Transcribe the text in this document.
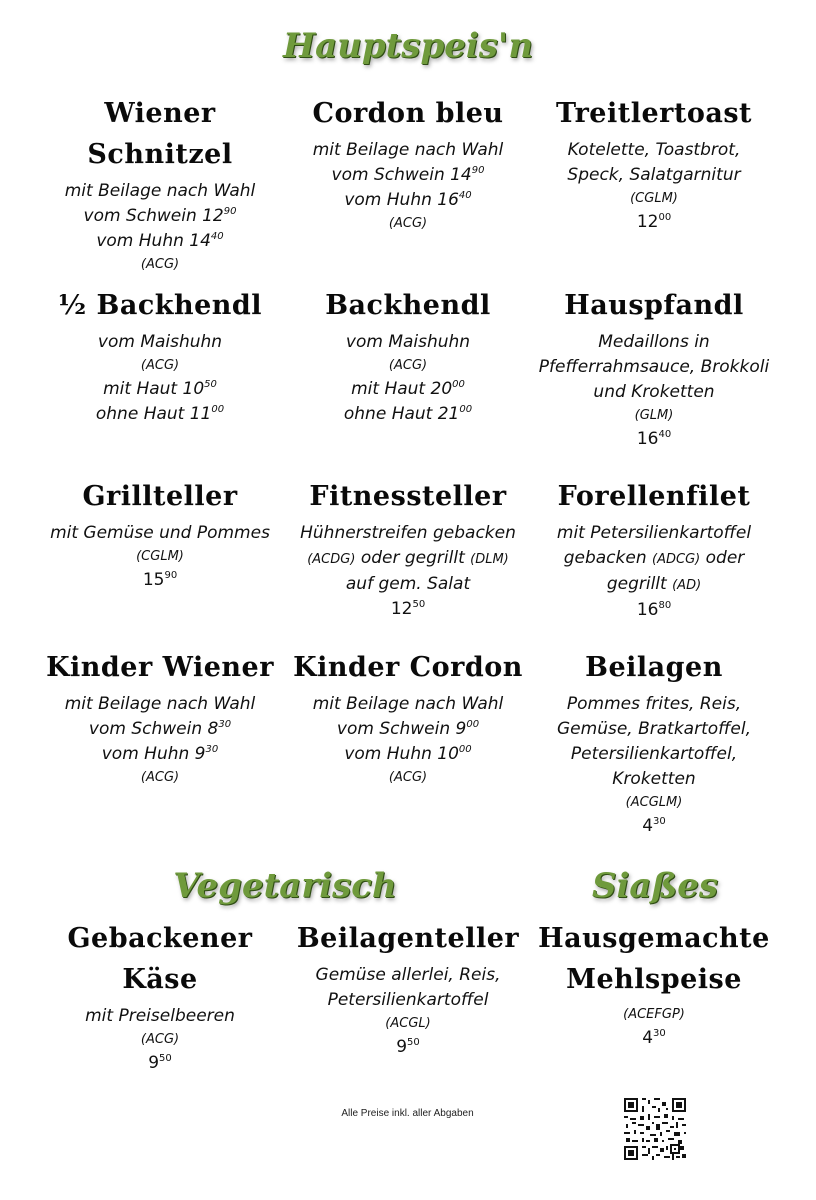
Hauptspeis'n
Wiener Schnitzel
mit Beilage nach Wahl
vom Schwein $12^{90}$
vom Huhn $14^{40}$
(ACG)
Cordon bleu
mit Beilage nach Wahl
vom Schwein $14^{90}$
vom Huhn $16^{40}$
(ACG)
Treitlertoast
Kotelette, Toastbrot,
Speck, Salatgarnitur
(CGLM)
$12^{00}$
½ Backhendl
vom Maishuhn
(ACG)
mit Haut $10^{50}$
ohne Haut $11^{00}$
Backhendl
vom Maishuhn
(ACG)
mit Haut $20^{00}$
ohne Haut $21^{00}$
Hauspfandl
Medaillons in
Pfefferrahmsauce, Brokkoli
und Kroketten
(GLM)
$16^{40}$
Grillteller
mit Gemüse und Pommes
(CGLM)
$15^{90}$
Fitnessteller
Hühnerstreifen gebacken
(ACDG) oder gegrillt (DLM)
auf gem. Salat
$12^{50}$
Forellenfilet
mit Petersilienkartoffel
gebacken (ADCG) oder
gegrillt (AD)
$16^{80}$
Kinder Wiener
mit Beilage nach Wahl
vom Schwein $8^{30}$
vom Huhn $9^{30}$
(ACG)
Kinder Cordon
mit Beilage nach Wahl
vom Schwein $9^{00}$
vom Huhn $10^{00}$
(ACG)
Beilagen
Pommes frites, Reis,
Gemüse, Bratkartoffel,
Petersilienkartoffel,
Kroketten
(ACGLM)
$4^{30}$
Vegetarisch	Siaßes
Gebackener Käse
mit Preiselbeeren
(ACG)
$9^{50}$
Beilagenteller
Gemüse allerlei, Reis,
Petersilienkartoffel
(ACGL)
$9^{50}$
Hausgemachte Mehlspeise
(ACEFGP)
$4^{30}$
Alle Preise inkl. aller Abgaben
